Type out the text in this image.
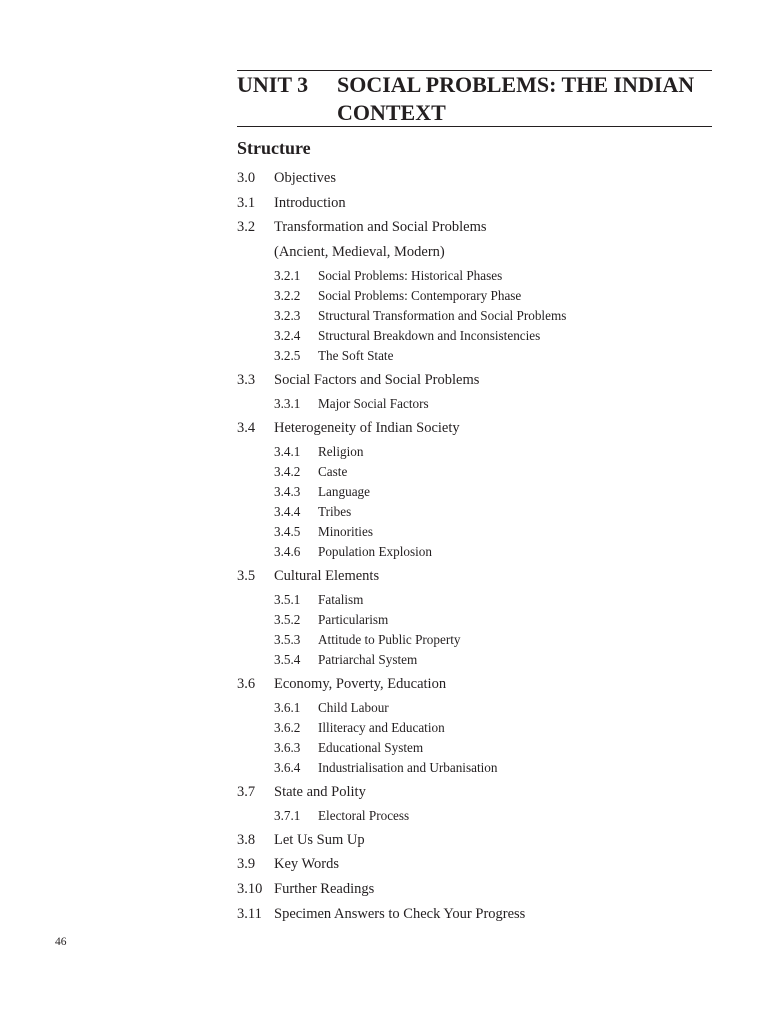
UNIT 3 SOCIAL PROBLEMS: THE INDIAN CONTEXT
Structure
3.0 Objectives
3.1 Introduction
3.2 Transformation and Social Problems
(Ancient, Medieval, Modern)
3.2.1 Social Problems: Historical Phases
3.2.2 Social Problems: Contemporary Phase
3.2.3 Structural Transformation and Social Problems
3.2.4 Structural Breakdown and Inconsistencies
3.2.5 The Soft State
3.3 Social Factors and Social Problems
3.3.1 Major Social Factors
3.4 Heterogeneity of Indian Society
3.4.1 Religion
3.4.2 Caste
3.4.3 Language
3.4.4 Tribes
3.4.5 Minorities
3.4.6 Population Explosion
3.5 Cultural Elements
3.5.1 Fatalism
3.5.2 Particularism
3.5.3 Attitude to Public Property
3.5.4 Patriarchal System
3.6 Economy, Poverty, Education
3.6.1 Child Labour
3.6.2 Illiteracy and Education
3.6.3 Educational System
3.6.4 Industrialisation and Urbanisation
3.7 State and Polity
3.7.1 Electoral Process
3.8 Let Us Sum Up
3.9 Key Words
3.10 Further Readings
3.11 Specimen Answers to Check Your Progress
46
